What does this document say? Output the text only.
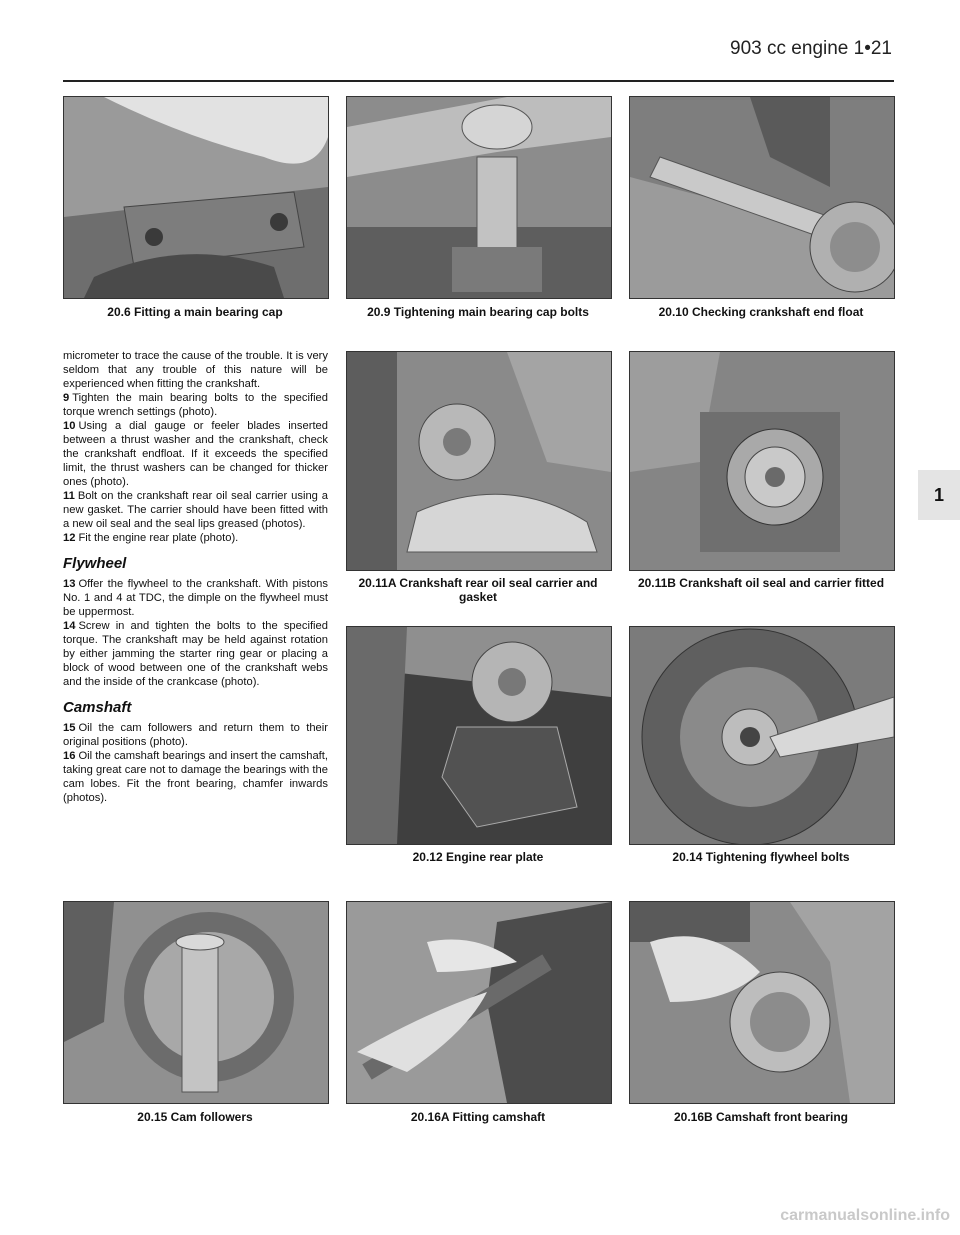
903 cc engine 1•21
20.6 Fitting a main bearing cap	20.9 Tightening main bearing cap bolts	20.10 Checking crankshaft end float
20.11A Crankshaft rear oil seal carrier and gasket
20.11B Crankshaft oil seal and carrier fitted
20.12 Engine rear plate	20.14 Tightening flywheel bolts
20.15 Cam followers	20.16A Fitting camshaft	20.16B Camshaft front bearing
1

micrometer to trace the cause of the trouble. It is very seldom that any trouble of this nature will be experienced when fitting the crankshaft.

9 Tighten the main bearing bolts to the specified torque wrench settings (photo).

10 Using a dial gauge or feeler blades inserted between a thrust washer and the crankshaft, check the crankshaft endfloat. If it exceeds the specified limit, the thrust washers can be changed for thicker ones (photo).

11 Bolt on the crankshaft rear oil seal carrier using a new gasket. The carrier should have been fitted with a new oil seal and the seal lips greased (photos).

12 Fit the engine rear plate (photo).

Flywheel

13 Offer the flywheel to the crankshaft. With pistons No. 1 and 4 at TDC, the dimple on the flywheel must be uppermost.

14 Screw in and tighten the bolts to the specified torque. The crankshaft may be held against rotation by either jamming the starter ring gear or placing a block of wood between one of the crankshaft webs and the inside of the crankcase (photo).

Camshaft

15 Oil the cam followers and return them to their original positions (photo).

16 Oil the camshaft bearings and insert the camshaft, taking great care not to damage the bearings with the cam lobes. Fit the front bearing, chamfer inwards (photos).

carmanualsonline.info
